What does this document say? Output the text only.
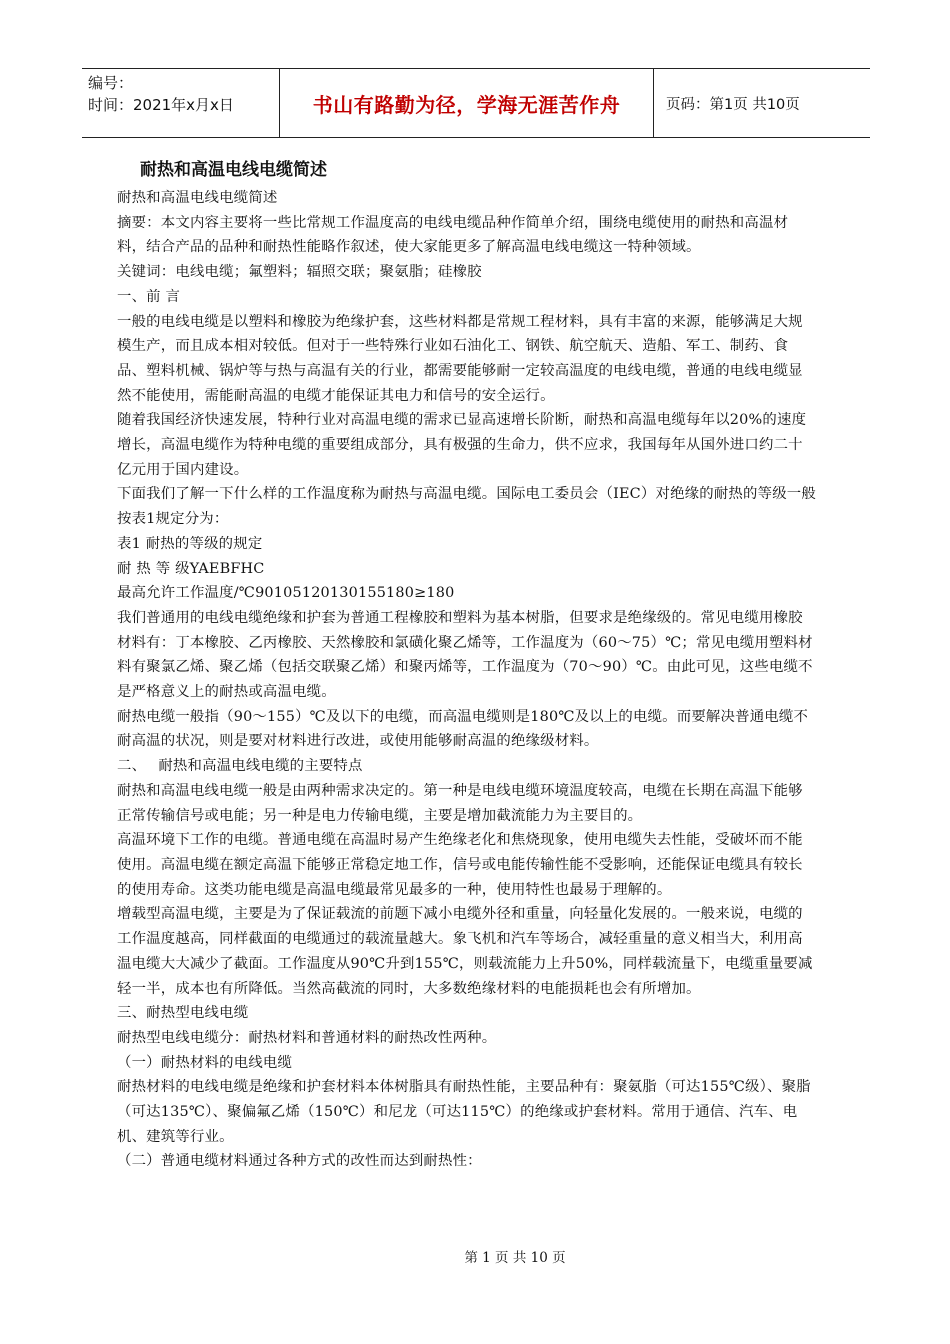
编号：
时间：2021年x月x日	书山有路勤为径，学海无涯苦作舟	页码：第1页 共10页
耐热和高温电线电缆简述

耐热和高温电线电缆简述

摘要：本文内容主要将一些比常规工作温度高的电线电缆品种作简单介绍，围绕电缆使用的耐热和高温材料，结合产品的品种和耐热性能略作叙述，使大家能更多了解高温电线电缆这一特种领域。

关键词：电线电缆；氟塑料；辐照交联；聚氨脂；硅橡胶

一、前 言

一般的电线电缆是以塑料和橡胶为绝缘护套，这些材料都是常规工程材料，具有丰富的来源，能够满足大规模生产，而且成本相对较低。但对于一些特殊行业如石油化工、钢铁、航空航天、造船、军工、制药、食品、塑料机械、锅炉等与热与高温有关的行业，都需要能够耐一定较高温度的电线电缆，普通的电线电缆显然不能使用，需能耐高温的电缆才能保证其电力和信号的安全运行。

随着我国经济快速发展，特种行业对高温电缆的需求已显高速增长阶断，耐热和高温电缆每年以20%的速度增长，高温电缆作为特种电缆的重要组成部分，具有极强的生命力，供不应求，我国每年从国外进口约二十亿元用于国内建设。

下面我们了解一下什么样的工作温度称为耐热与高温电缆。国际电工委员会（IEC）对绝缘的耐热的等级一般按表1规定分为：

表1 耐热的等级的规定

耐 热 等 级YAEBFHC

最高允许工作温度/℃90105120130155180≥180

我们普通用的电线电缆绝缘和护套为普通工程橡胶和塑料为基本树脂，但要求是绝缘级的。常见电缆用橡胶材料有：丁本橡胶、乙丙橡胶、天然橡胶和氯磺化聚乙烯等，工作温度为（60～75）℃；常见电缆用塑料材料有聚氯乙烯、聚乙烯（包括交联聚乙烯）和聚丙烯等，工作温度为（70～90）℃。由此可见，这些电缆不是严格意义上的耐热或高温电缆。

耐热电缆一般指（90～155）℃及以下的电缆，而高温电缆则是180℃及以上的电缆。而要解决普通电缆不耐高温的状况，则是要对材料进行改进，或使用能够耐高温的绝缘级材料。

二、　 耐热和高温电线电缆的主要特点

耐热和高温电线电缆一般是由两种需求决定的。第一种是电线电缆环境温度较高，电缆在长期在高温下能够正常传输信号或电能；另一种是电力传输电缆，主要是增加截流能力为主要目的。

高温环境下工作的电缆。普通电缆在高温时易产生绝缘老化和焦烧现象，使用电缆失去性能，受破坏而不能使用。高温电缆在额定高温下能够正常稳定地工作，信号或电能传输性能不受影响，还能保证电缆具有较长的使用寿命。这类功能电缆是高温电缆最常见最多的一种，使用特性也最易于理解的。

增载型高温电缆，主要是为了保证载流的前题下减小电缆外径和重量，向轻量化发展的。一般来说，电缆的工作温度越高，同样截面的电缆通过的载流量越大。象飞机和汽车等场合，减轻重量的意义相当大，利用高温电缆大大减少了截面。工作温度从90℃升到155℃，则载流能力上升50%，同样载流量下，电缆重量要减轻一半，成本也有所降低。当然高截流的同时，大多数绝缘材料的电能损耗也会有所增加。

三、耐热型电线电缆

耐热型电线电缆分：耐热材料和普通材料的耐热改性两种。

（一）耐热材料的电线电缆

耐热材料的电线电缆是绝缘和护套材料本体树脂具有耐热性能，主要品种有：聚氨脂（可达155℃级）、聚脂（可达135℃）、聚偏氟乙烯（150℃）和尼龙（可达115℃）的绝缘或护套材料。常用于通信、汽车、电机、建筑等行业。

（二）普通电缆材料通过各种方式的改性而达到耐热性：

第 1 页 共 10 页
